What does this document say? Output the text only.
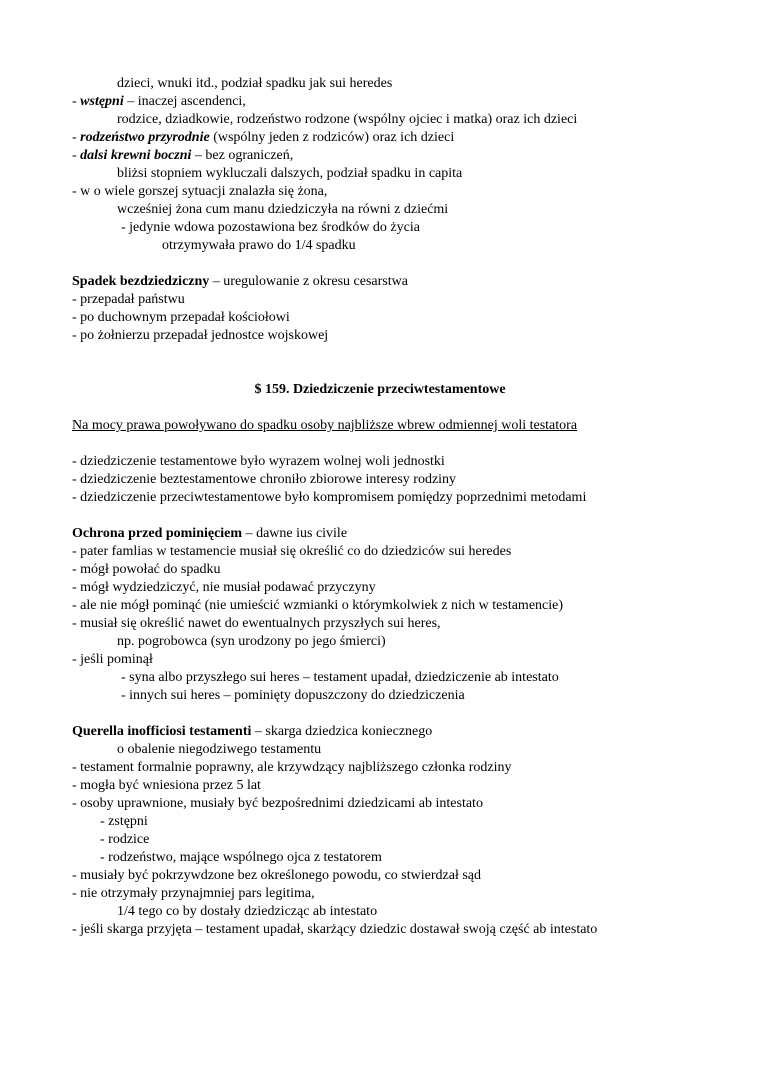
dzieci, wnuki itd., podział spadku jak sui heredes
- wstępni – inaczej ascendenci,
rodzice, dziadkowie, rodzeństwo rodzone (wspólny ojciec i matka) oraz ich dzieci
- rodzeństwo przyrodnie (wspólny jeden z rodziców) oraz ich dzieci
- dalsi krewni boczni – bez ograniczeń,
bliżsi stopniem wykluczali dalszych, podział spadku in capita
- w o wiele gorszej sytuacji znalazła się żona,
wcześniej żona cum manu dziedziczyła na równi z dziećmi
- jedynie wdowa pozostawiona bez środków do życia
otrzymywała prawo do 1/4 spadku
Spadek bezdziedziczny – uregulowanie z okresu cesarstwa
- przepadał państwu
- po duchownym przepadał kościołowi
- po żołnierzu przepadał jednostce wojskowej
$ 159. Dziedziczenie przeciwtestamentowe
Na mocy prawa powoływano do spadku osoby najbliższe wbrew odmiennej woli testatora
- dziedziczenie testamentowe było wyrazem wolnej woli jednostki
- dziedziczenie beztestamentowe chroniło zbiorowe interesy rodziny
- dziedziczenie przeciwtestamentowe było kompromisem pomiędzy poprzednimi metodami
Ochrona przed pominięciem – dawne ius civile
- pater famlias w testamencie musiał się określić co do dziedziców sui heredes
- mógł powołać do spadku
- mógł wydziedziczyć, nie musiał podawać przyczyny
- ale nie mógł pominąć (nie umieścić wzmianki o którymkolwiek z nich w testamencie)
- musiał się określić nawet do ewentualnych przyszłych sui heres,
np. pogrobowca (syn urodzony po jego śmierci)
- jeśli pominął
- syna albo przyszłego sui heres – testament upadał, dziedziczenie ab intestato
- innych sui heres – pominięty dopuszczony do dziedziczenia
Querella inofficiosi testamenti – skarga dziedzica koniecznego
o obalenie niegodziwego testamentu
- testament formalnie poprawny, ale krzywdzący najbliższego członka rodziny
- mogła być wniesiona przez 5 lat
- osoby uprawnione, musiały być bezpośrednimi dziedzicami ab intestato
- zstępni
- rodzice
- rodzeństwo, mające wspólnego ojca z testatorem
- musiały być pokrzywdzone bez określonego powodu, co stwierdzał sąd
- nie otrzymały przynajmniej pars legitima,
1/4 tego co by dostały dziedzicząc ab intestato
- jeśli skarga przyjęta – testament upadał, skarżący dziedzic dostawał swoją część ab intestato
